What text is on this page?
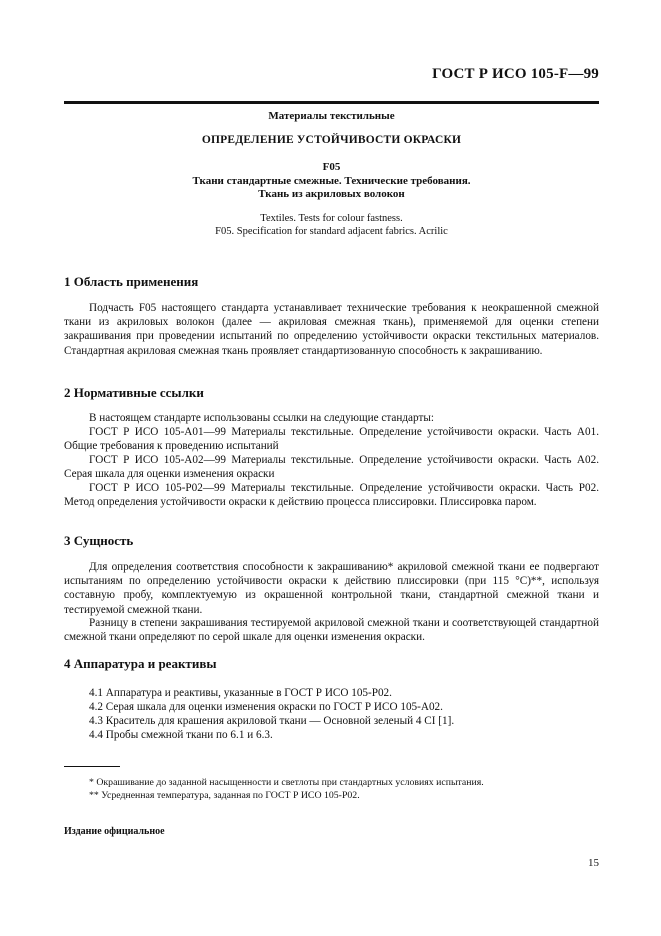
ГОСТ Р ИСО 105-F—99
Материалы текстильные
ОПРЕДЕЛЕНИЕ УСТОЙЧИВОСТИ ОКРАСКИ
F05
Ткани стандартные смежные. Технические требования.
Ткань из акриловых волокон
Textiles. Tests for colour fastness.
F05. Specification for standard adjacent fabrics. Acrilic
1 Область применения
Подчасть F05 настоящего стандарта устанавливает технические требования к неокрашенной смежной ткани из акриловых волокон (далее — акриловая смежная ткань), применяемой для оценки степени закрашивания при проведении испытаний по определению устойчивости окраски текстильных материалов. Стандартная акриловая смежная ткань проявляет стандартизованную способность к закрашиванию.
2 Нормативные ссылки
В настоящем стандарте использованы ссылки на следующие стандарты:
ГОСТ Р ИСО 105-A01—99 Материалы текстильные. Определение устойчивости окраски. Часть А01. Общие требования к проведению испытаний
ГОСТ Р ИСО 105-A02—99 Материалы текстильные. Определение устойчивости окраски. Часть А02. Серая шкала для оценки изменения окраски
ГОСТ Р ИСО 105-Р02—99 Материалы текстильные. Определение устойчивости окраски. Часть Р02. Метод определения устойчивости окраски к действию процесса плиссировки. Плиссировка паром.
3 Сущность
Для определения соответствия способности к закрашиванию* акриловой смежной ткани ее подвергают испытаниям по определению устойчивости окраски к действию плиссировки (при 115 °С)**, используя составную пробу, комплектуемую из окрашенной контрольной ткани, стандартной смежной ткани и тестируемой смежной ткани.
Разницу в степени закрашивания тестируемой акриловой смежной ткани и соответствующей стандартной смежной ткани определяют по серой шкале для оценки изменения окраски.
4 Аппаратура и реактивы
4.1 Аппаратура и реактивы, указанные в ГОСТ Р ИСО 105-Р02.
4.2 Серая шкала для оценки изменения окраски по ГОСТ Р ИСО 105-А02.
4.3 Краситель для крашения акриловой ткани — Основной зеленый 4 CI [1].
4.4 Пробы смежной ткани по 6.1 и 6.3.
* Окрашивание до заданной насыщенности и светлоты при стандартных условиях испытания.
** Усредненная температура, заданная по ГОСТ Р ИСО 105-Р02.
Издание официальное
15
